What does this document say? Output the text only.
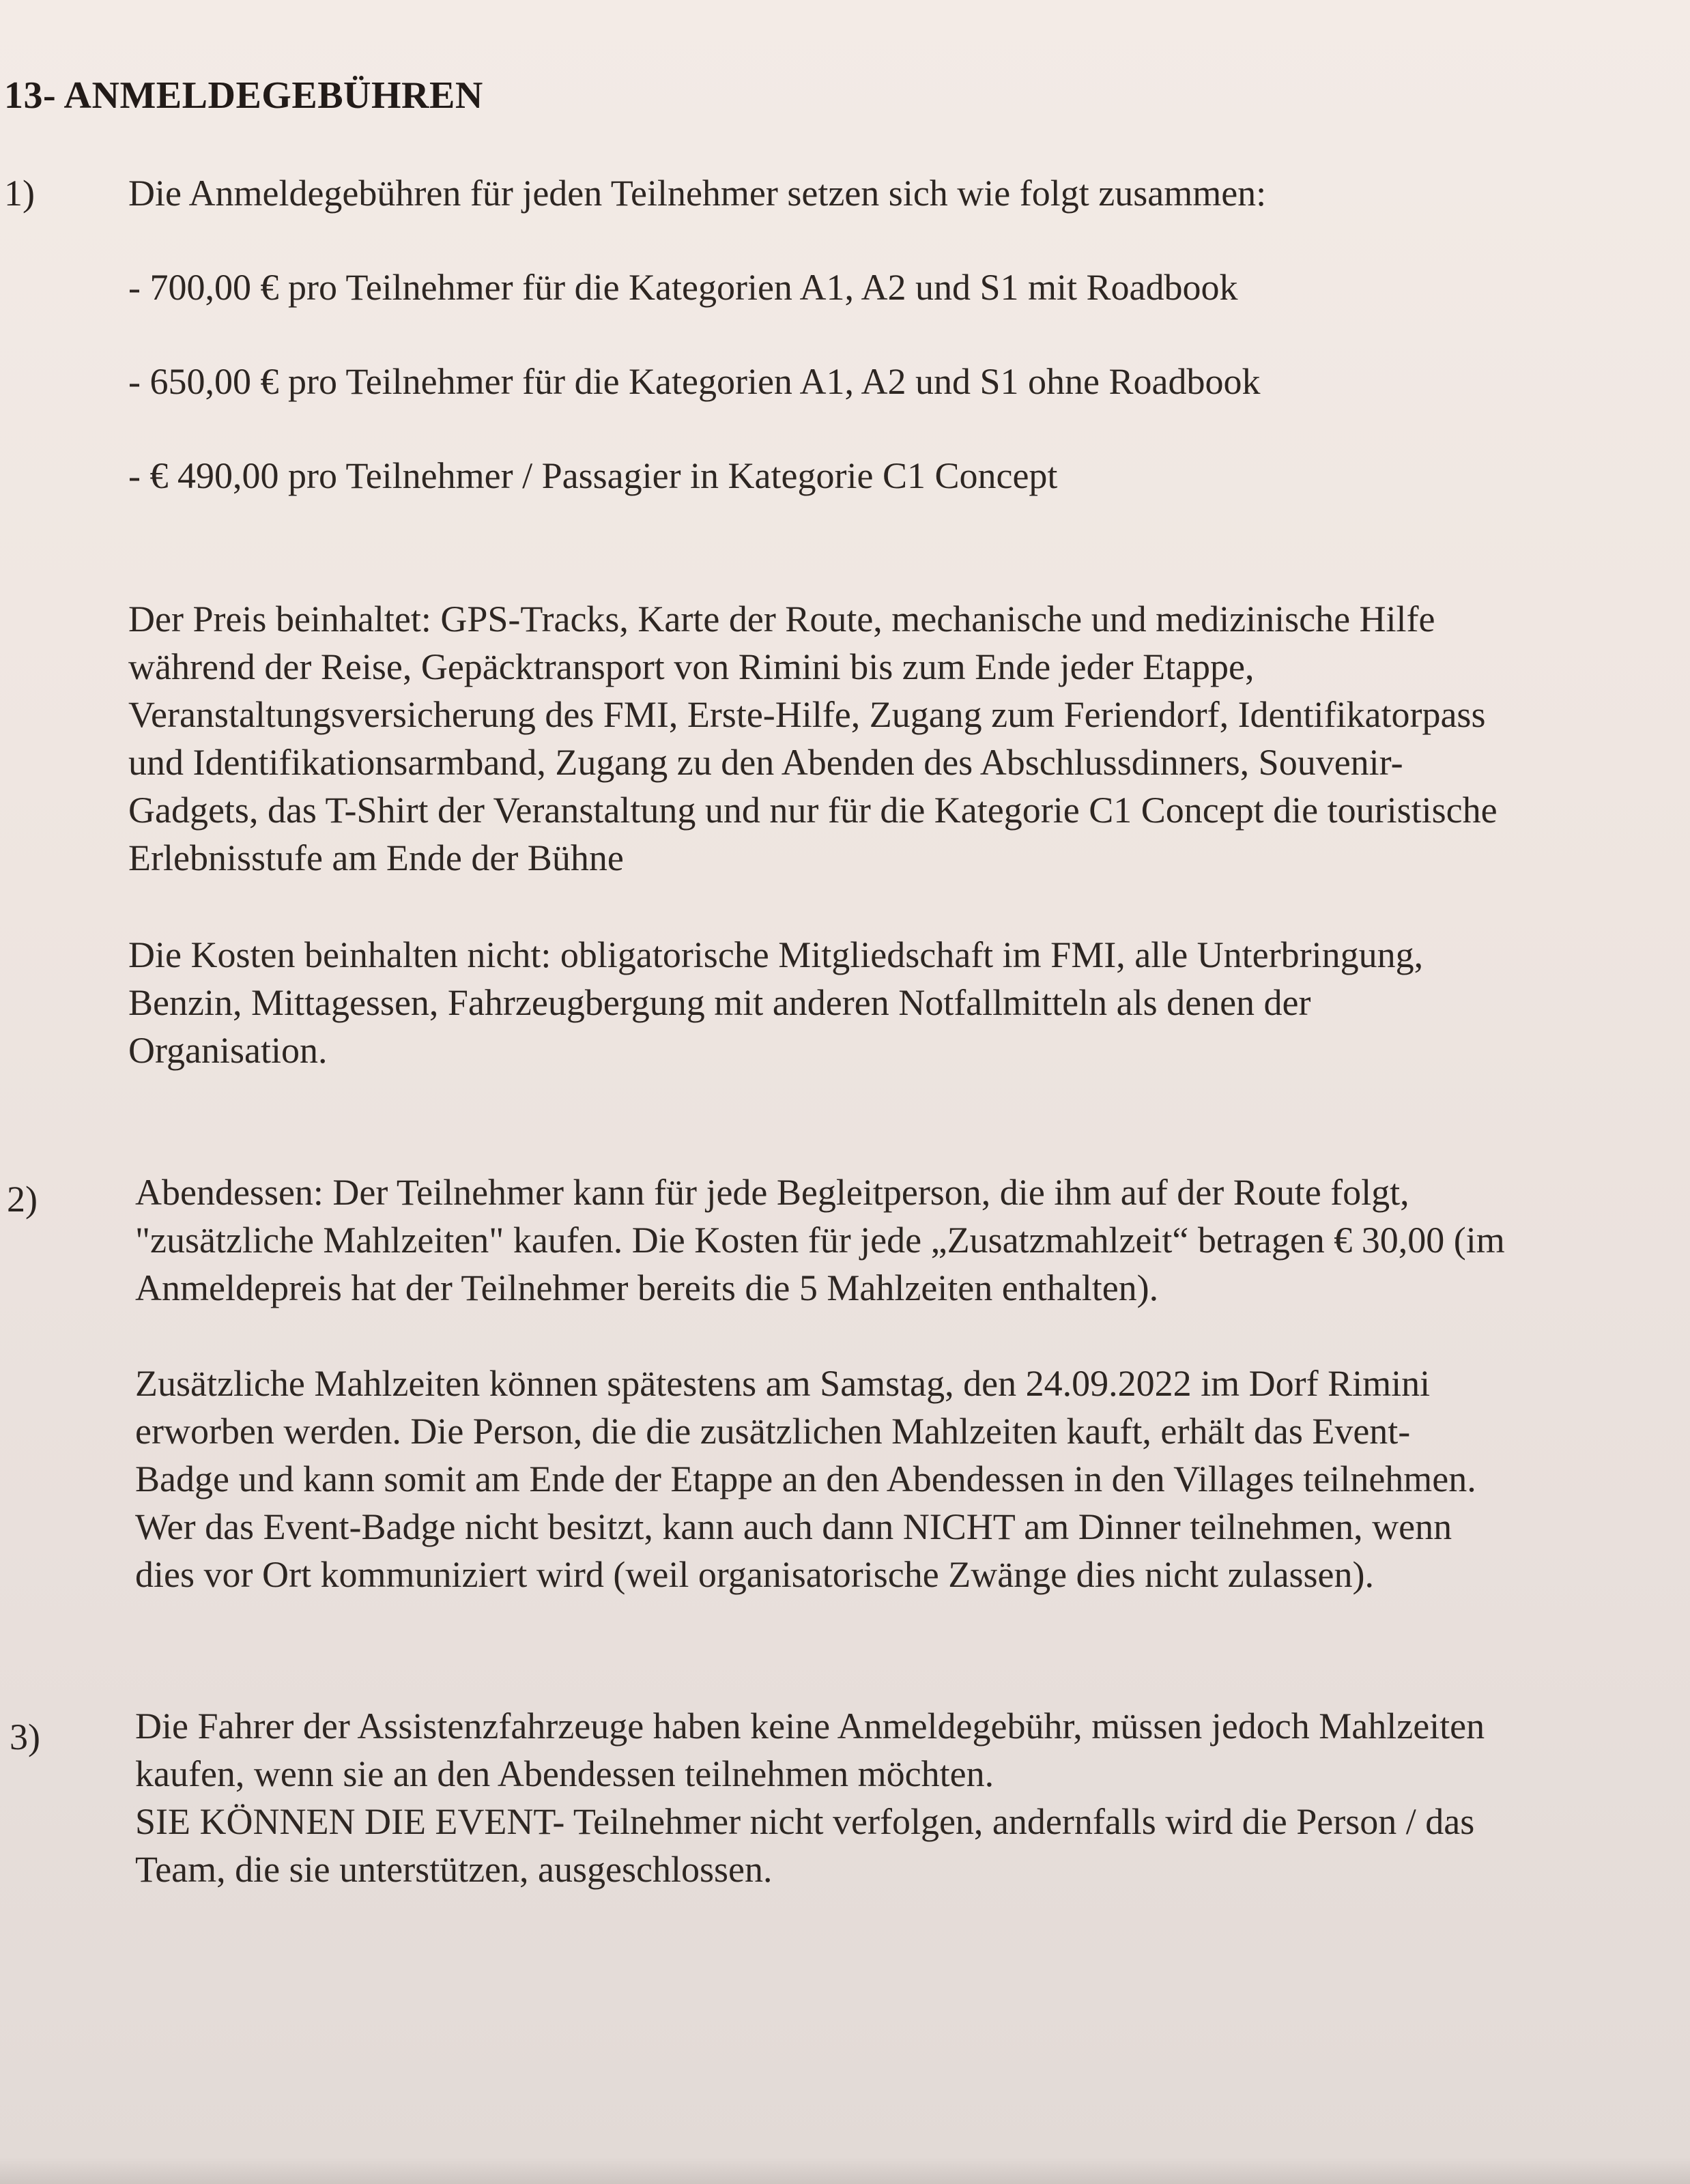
13- ANMELDEGEBÜHREN
1)	Die Anmeldegebühren für jeden Teilnehmer setzen sich wie folgt zusammen:
- 700,00 € pro Teilnehmer für die Kategorien A1, A2 und S1 mit Roadbook
- 650,00 € pro Teilnehmer für die Kategorien A1, A2 und S1 ohne Roadbook
- € 490,00 pro Teilnehmer / Passagier in Kategorie C1 Concept
Der Preis beinhaltet: GPS-Tracks, Karte der Route, mechanische und medizinische Hilfe
während der Reise, Gepäcktransport von Rimini bis zum Ende jeder Etappe,
Veranstaltungsversicherung des FMI, Erste-Hilfe, Zugang zum Feriendorf, Identifikatorpass
und Identifikationsarmband, Zugang zu den Abenden des Abschlussdinners, Souvenir-
Gadgets, das T-Shirt der Veranstaltung und nur für die Kategorie C1 Concept die touristische
Erlebnisstufe am Ende der Bühne
Die Kosten beinhalten nicht: obligatorische Mitgliedschaft im FMI, alle Unterbringung,
Benzin, Mittagessen, Fahrzeugbergung mit anderen Notfallmitteln als denen der
Organisation.
2)	Abendessen: Der Teilnehmer kann für jede Begleitperson, die ihm auf der Route folgt,
"zusätzliche Mahlzeiten" kaufen. Die Kosten für jede „Zusatzmahlzeit“ betragen € 30,00 (im
Anmeldepreis hat der Teilnehmer bereits die 5 Mahlzeiten enthalten).
Zusätzliche Mahlzeiten können spätestens am Samstag, den 24.09.2022 im Dorf Rimini
erworben werden. Die Person, die die zusätzlichen Mahlzeiten kauft, erhält das Event-
Badge und kann somit am Ende der Etappe an den Abendessen in den Villages teilnehmen.
Wer das Event-Badge nicht besitzt, kann auch dann NICHT am Dinner teilnehmen, wenn
dies vor Ort kommuniziert wird (weil organisatorische Zwänge dies nicht zulassen).
3)	Die Fahrer der Assistenzfahrzeuge haben keine Anmeldegebühr, müssen jedoch Mahlzeiten
kaufen, wenn sie an den Abendessen teilnehmen möchten.
SIE KÖNNEN DIE EVENT- Teilnehmer nicht verfolgen, andernfalls wird die Person / das
Team, die sie unterstützen, ausgeschlossen.
